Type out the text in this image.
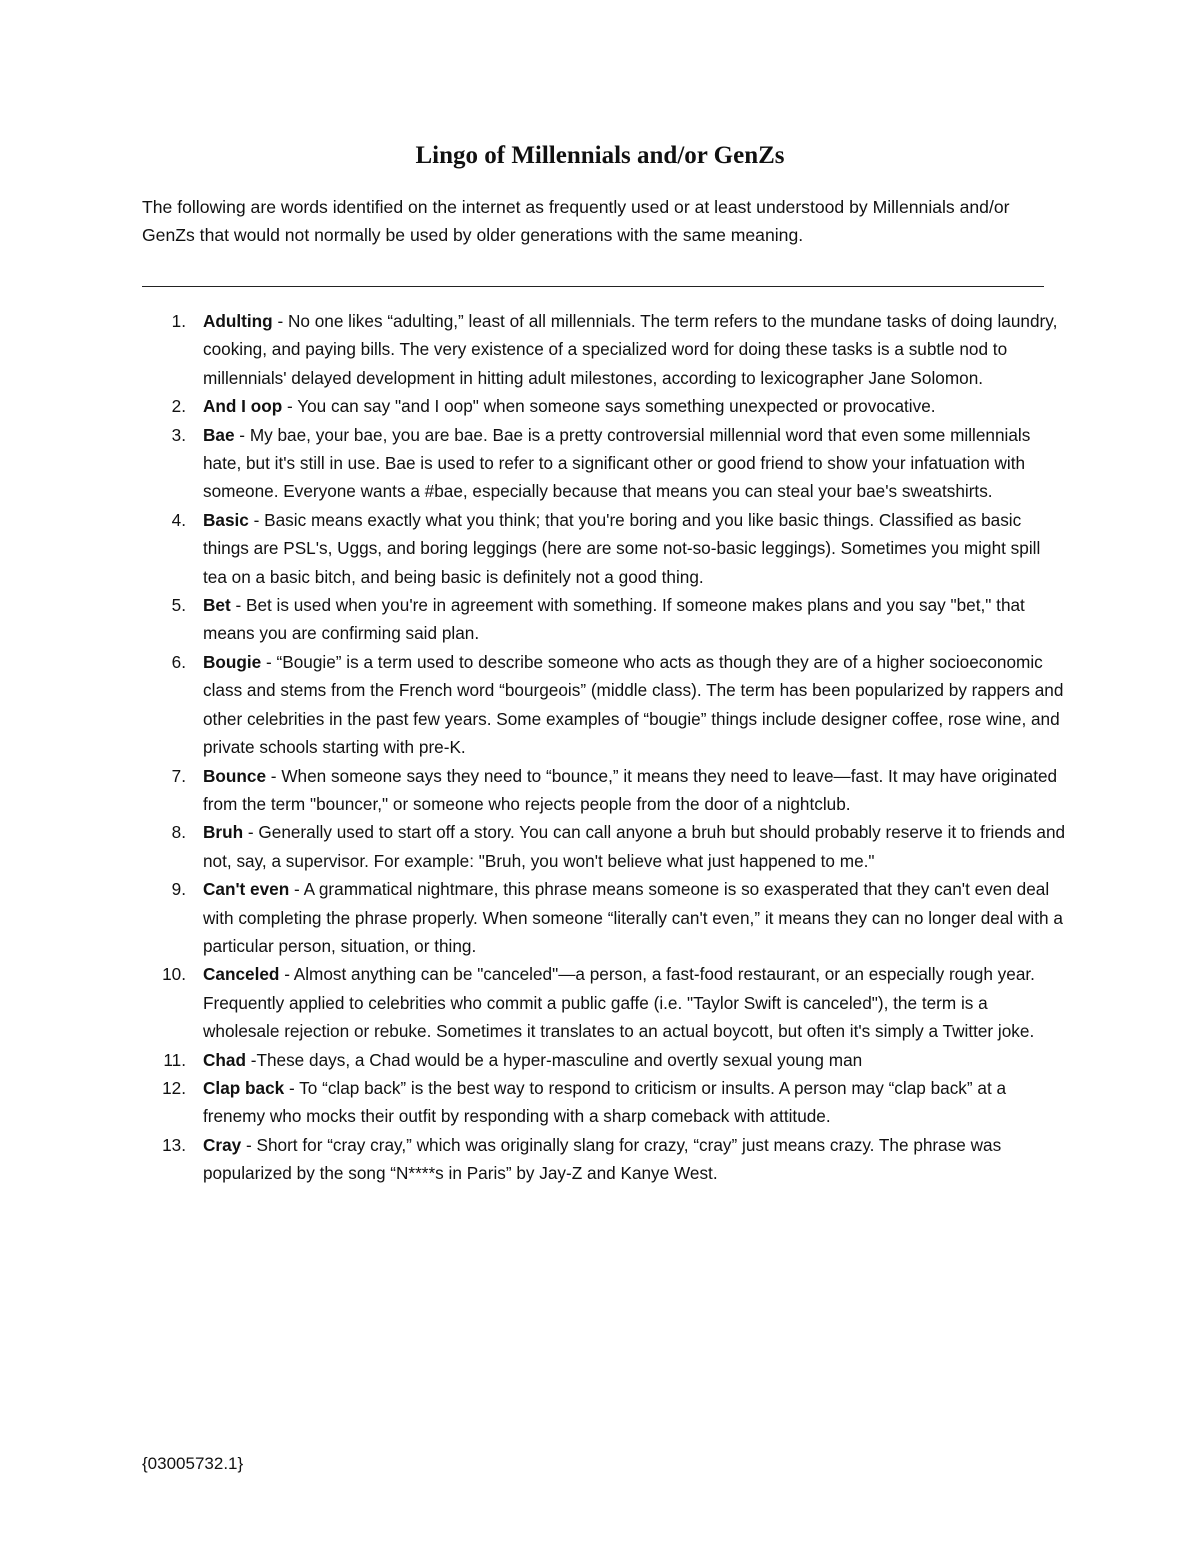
Lingo of Millennials and/or GenZs

The following are words identified on the internet as frequently used or at least understood by Millennials and/or GenZs that would not normally be used by older generations with the same meaning.

1. Adulting - No one likes “adulting,” least of all millennials. The term refers to the mundane tasks of doing laundry, cooking, and paying bills. The very existence of a specialized word for doing these tasks is a subtle nod to millennials' delayed development in hitting adult milestones, according to lexicographer Jane Solomon.
2. And I oop - You can say "and I oop" when someone says something unexpected or provocative.
3. Bae - My bae, your bae, you are bae. Bae is a pretty controversial millennial word that even some millennials hate, but it's still in use. Bae is used to refer to a significant other or good friend to show your infatuation with someone. Everyone wants a #bae, especially because that means you can steal your bae's sweatshirts.
4. Basic - Basic means exactly what you think; that you're boring and you like basic things. Classified as basic things are PSL's, Uggs, and boring leggings (here are some not-so-basic leggings). Sometimes you might spill tea on a basic bitch, and being basic is definitely not a good thing.
5. Bet - Bet is used when you're in agreement with something. If someone makes plans and you say "bet," that means you are confirming said plan.
6. Bougie - “Bougie” is a term used to describe someone who acts as though they are of a higher socioeconomic class and stems from the French word “bourgeois” (middle class). The term has been popularized by rappers and other celebrities in the past few years. Some examples of “bougie” things include designer coffee, rose wine, and private schools starting with pre-K.
7. Bounce - When someone says they need to “bounce,” it means they need to leave—fast. It may have originated from the term "bouncer," or someone who rejects people from the door of a nightclub.
8. Bruh - Generally used to start off a story. You can call anyone a bruh but should probably reserve it to friends and not, say, a supervisor. For example: "Bruh, you won't believe what just happened to me."
9. Can't even - A grammatical nightmare, this phrase means someone is so exasperated that they can't even deal with completing the phrase properly. When someone “literally can't even,” it means they can no longer deal with a particular person, situation, or thing.
10. Canceled - Almost anything can be "canceled"—a person, a fast-food restaurant, or an especially rough year. Frequently applied to celebrities who commit a public gaffe (i.e. "Taylor Swift is canceled"), the term is a wholesale rejection or rebuke. Sometimes it translates to an actual boycott, but often it's simply a Twitter joke.
11. Chad -These days, a Chad would be a hyper-masculine and overtly sexual young man
12. Clap back - To “clap back” is the best way to respond to criticism or insults. A person may “clap back” at a frenemy who mocks their outfit by responding with a sharp comeback with attitude.
13. Cray - Short for “cray cray,” which was originally slang for crazy, “cray” just means crazy. The phrase was popularized by the song “N****s in Paris” by Jay-Z and Kanye West.

{03005732.1}
